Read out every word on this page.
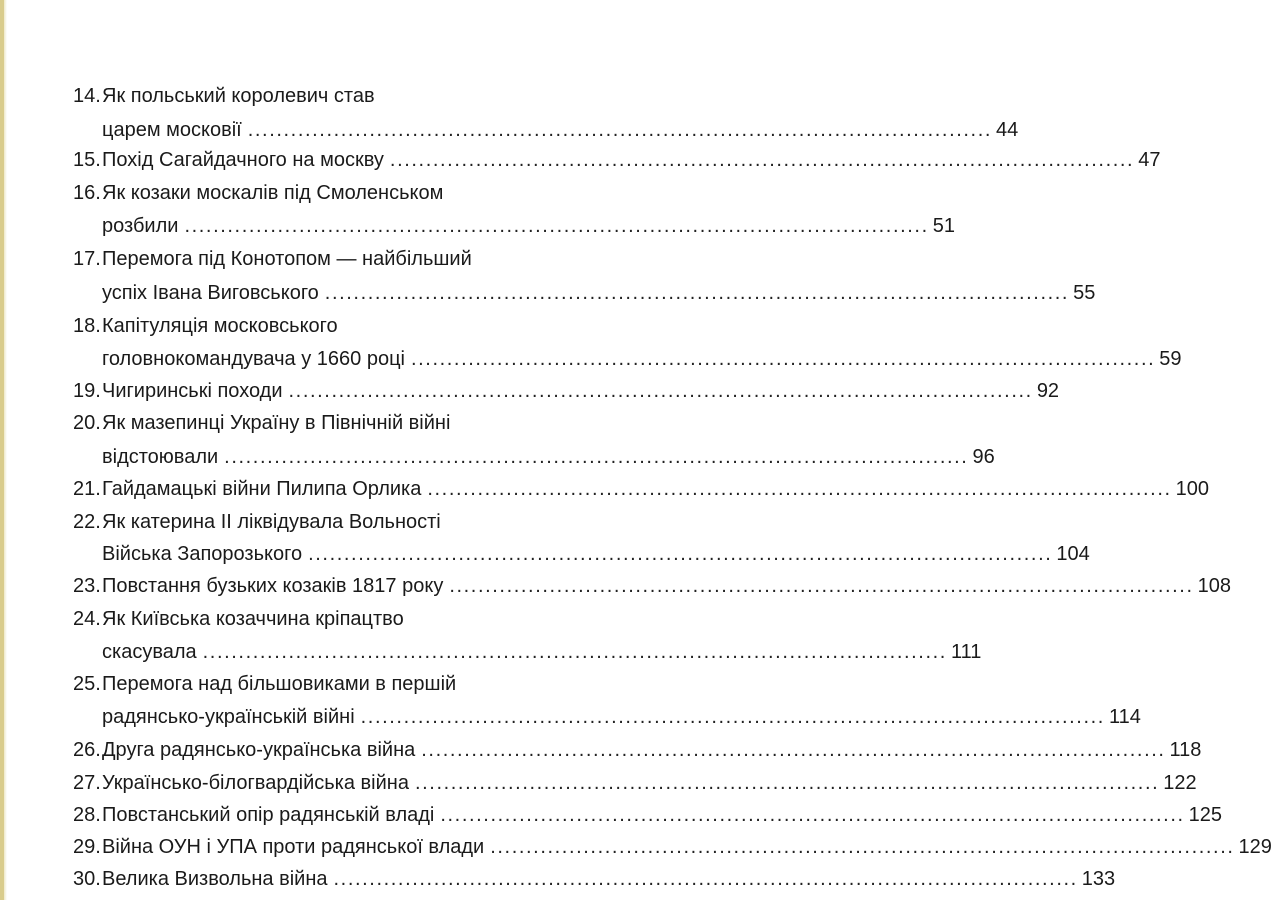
14. Як польський королевич став
царем московії ........................................................................................................ 44
15. Похід Сагайдачного на москву ........................................................................................................ 47
16. Як козаки москалів під Смоленськом
розбили ........................................................................................................ 51
17. Перемога під Конотопом — найбільший
успіх Івана Виговського ........................................................................................................ 55
18. Капітуляція московського
головнокомандувача у 1660 році ........................................................................................................ 59
19. Чигиринські походи ........................................................................................................ 92
20. Як мазепинці Україну в Північній війні
відстоювали ........................................................................................................ 96
21. Гайдамацькі війни Пилипа Орлика ........................................................................................................ 100
22. Як катерина ІІ ліквідувала Вольності
Війська Запорозького ........................................................................................................ 104
23. Повстання бузьких козаків 1817 року ........................................................................................................ 108
24. Як Київська козаччина кріпацтво
скасувала ........................................................................................................ 111
25. Перемога над більшовиками в першій
радянсько-українській війні ........................................................................................................ 114
26. Друга радянсько-українська війна ........................................................................................................ 118
27. Українсько-білогвардійська війна ........................................................................................................ 122
28. Повстанський опір радянській владі ........................................................................................................ 125
29. Війна ОУН і УПА проти радянської влади ........................................................................................................ 129
30. Велика Визвольна війна ........................................................................................................ 133
